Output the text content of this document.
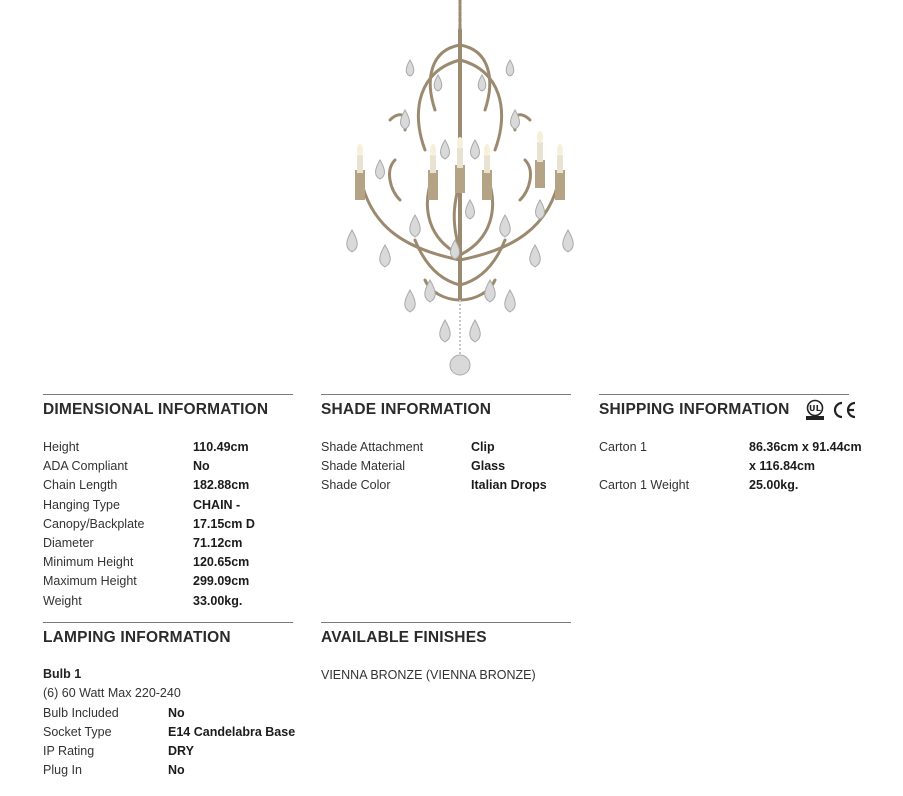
DIMENSIONAL INFORMATION
Height	110.49cm
ADA Compliant	No
Chain Length	182.88cm
Hanging Type	CHAIN -
Canopy/Backplate	17.15cm D
Diameter	71.12cm
Minimum Height	120.65cm
Maximum Height	299.09cm
Weight	33.00kg.
SHADE INFORMATION
Shade Attachment	Clip
Shade Material	Glass
Shade Color	Italian Drops
SHIPPING INFORMATION UL
Carton 1	86.36cm x 91.44cm
x 116.84cm
Carton 1 Weight	25.00kg.
LAMPING INFORMATION
Bulb 1
(6) 60 Watt Max 220-240
Bulb Included	No
Socket Type	E14 Candelabra Base
IP Rating	DRY
Plug In	No
AVAILABLE FINISHES
VIENNA BRONZE (VIENNA BRONZE)
